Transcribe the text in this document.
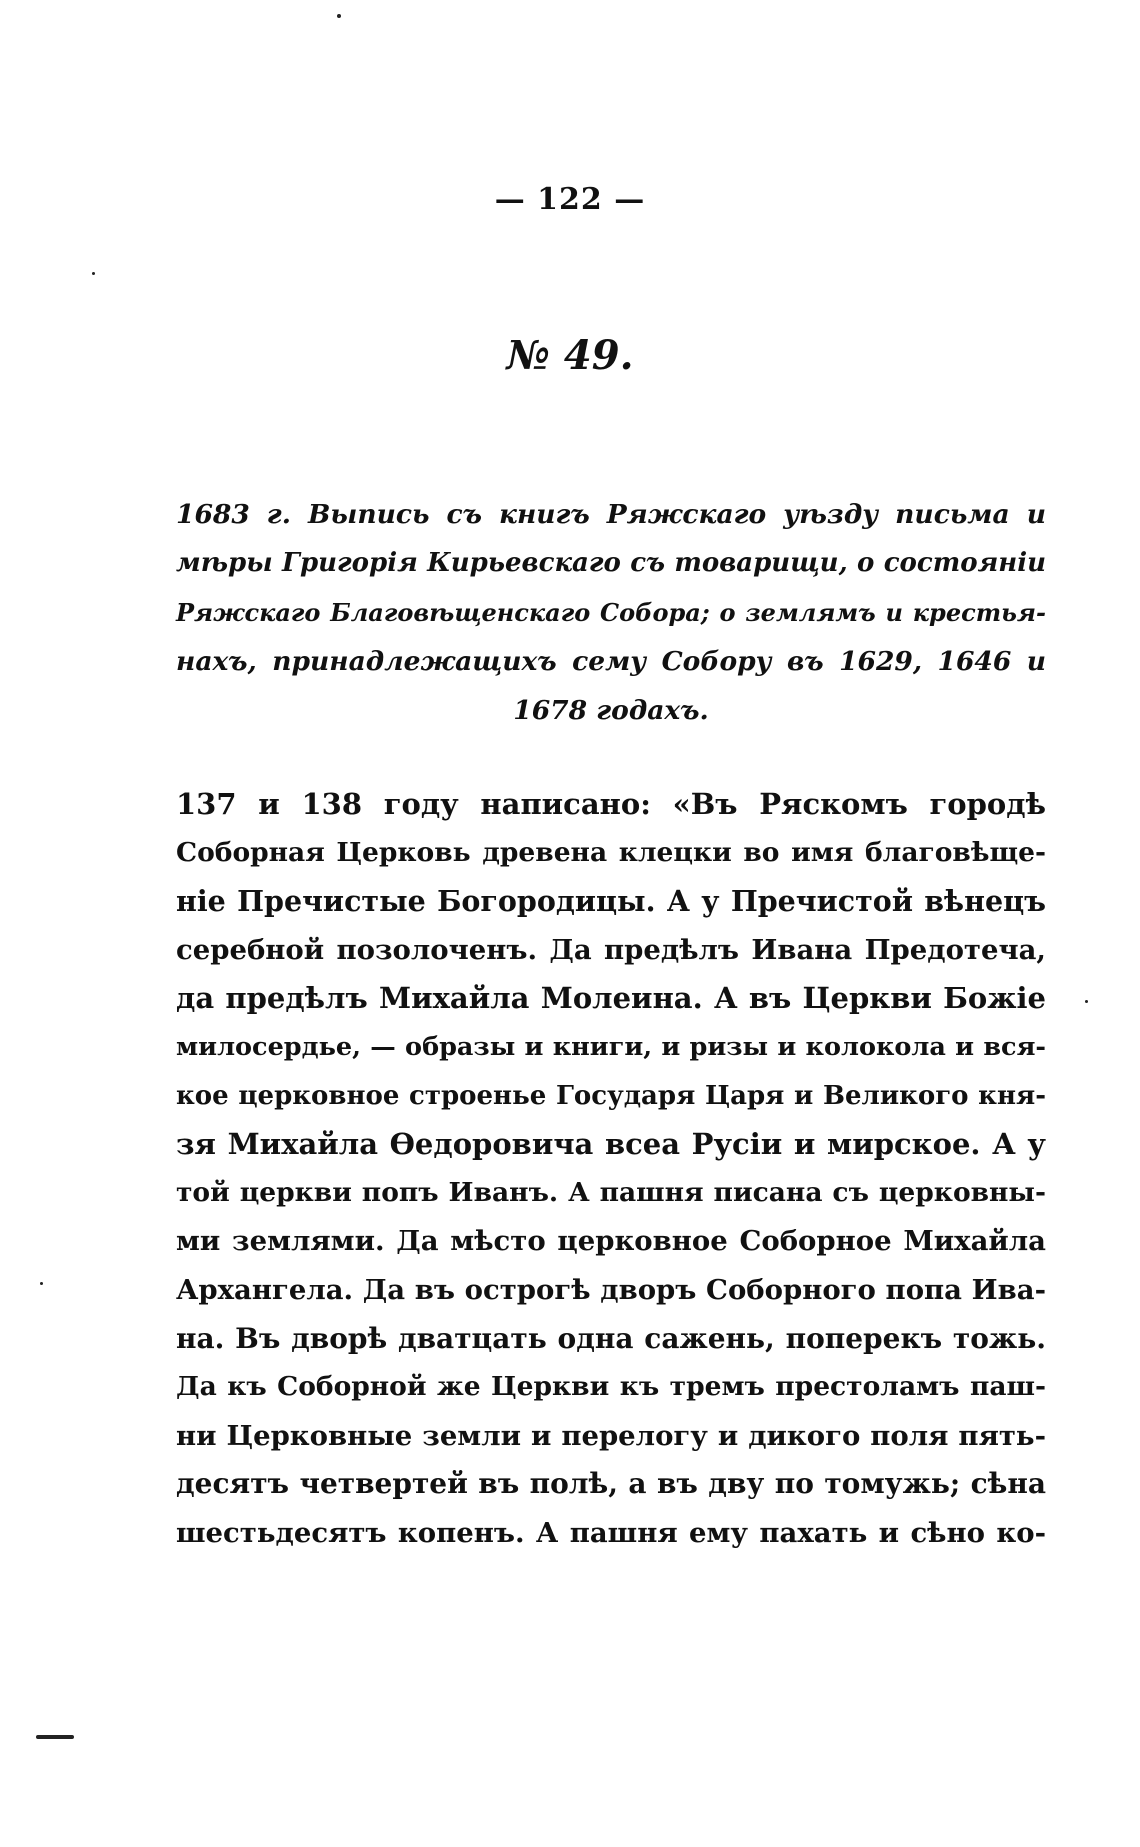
— 122 —
№ 49.
1683 г. Выпись съ книгъ Ряжскаго уѣзду письма и
мѣры Григорія Кирьевскаго съ товарищи, о состояніи
Ряжскаго Благовѣщенскаго Собора; о землямъ и крестья-
нахъ, принадлежащихъ сему Собору въ 1629, 1646 и
1678 годахъ.
137 и 138 году написано: «Въ Ряскомъ городѣ
Соборная Церковь древена клецки во имя благовѣще-
ніе Пречистые Богородицы. А у Пречистой вѣнецъ
серебной позолоченъ. Да предѣлъ Ивана Предотеча,
да предѣлъ Михайла Молеина. А въ Церкви Божіе
милосердье, — образы и книги, и ризы и колокола и вся-
кое церковное строенье Государя Царя и Великого кня-
зя Михайла Ѳедоровича всеа Русіи и мирское. А у
той церкви попъ Иванъ. А пашня писана съ церковны-
ми землями. Да мѣсто церковное Соборное Михайла
Архангела. Да въ острогѣ дворъ Соборного попа Ива-
на. Въ дворѣ дватцать одна сажень, поперекъ тожь.
Да къ Соборной же Церкви къ тремъ престоламъ паш-
ни Церковные земли и перелогу и дикого поля пять-
десятъ четвертей въ полѣ, а въ дву по томужь; сѣна
шестьдесятъ копенъ. А пашня ему пахать и сѣно ко-
